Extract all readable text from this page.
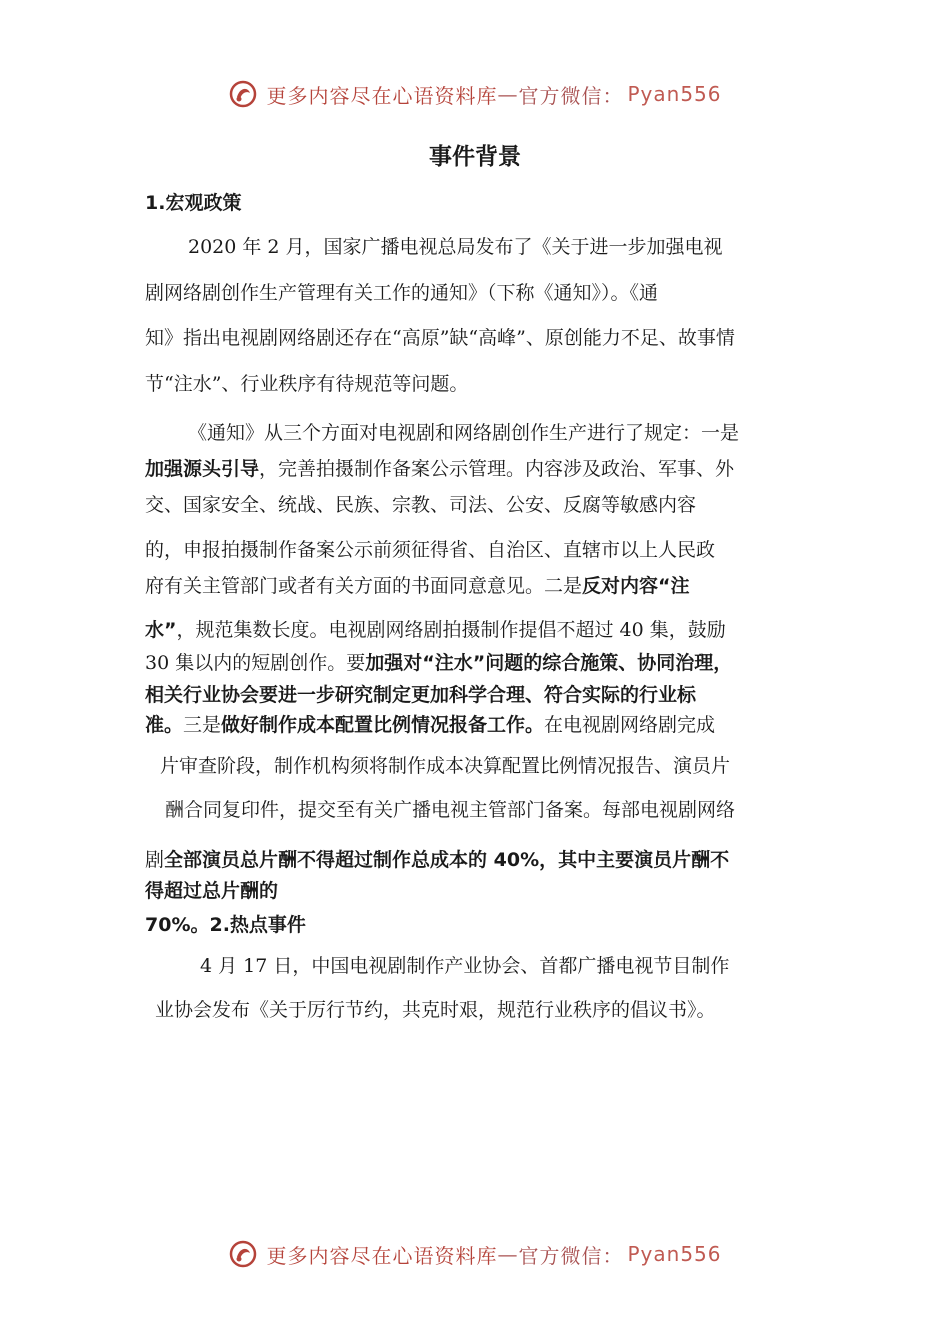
更多内容尽在心语资料库 — 官方微信： Pyan556
事件背景
1.宏观政策
2020 年 2 月，国家广播电视总局发布了《关于进一步加强电视
剧网络剧创作生产管理有关工作的通知》（下称《通知》）。《通
知》指出电视剧网络剧还存在“高原”缺“高峰”、原创能力不足、故事情
节“注水”、行业秩序有待规范等问题。
《通知》从三个方面对电视剧和网络剧创作生产进行了规定：一是
加强源头引导，完善拍摄制作备案公示管理。内容涉及政治、军事、外
交、国家安全、统战、民族、宗教、司法、公安、反腐等敏感内容
的，申报拍摄制作备案公示前须征得省、自治区、直辖市以上人民政
府有关主管部门或者有关方面的书面同意意见。二是反对内容“注
水”，规范集数长度。电视剧网络剧拍摄制作提倡不超过 40 集，鼓励
30 集以内的短剧创作。要加强对“注水”问题的综合施策、协同治理，
相关行业协会要进一步研究制定更加科学合理、符合实际的行业标
准。三是做好制作成本配置比例情况报备工作。在电视剧网络剧完成
片审查阶段，制作机构须将制作成本决算配置比例情况报告、演员片
酬合同复印件，提交至有关广播电视主管部门备案。每部电视剧网络
剧全部演员总片酬不得超过制作总成本的 40%，其中主要演员片酬不
得超过总片酬的
70%。2.热点事件
4 月 17 日，中国电视剧制作产业协会、首都广播电视节目制作
业协会发布《关于厉行节约，共克时艰，规范行业秩序的倡议书》。
更多内容尽在心语资料库 — 官方微信： Pyan556
